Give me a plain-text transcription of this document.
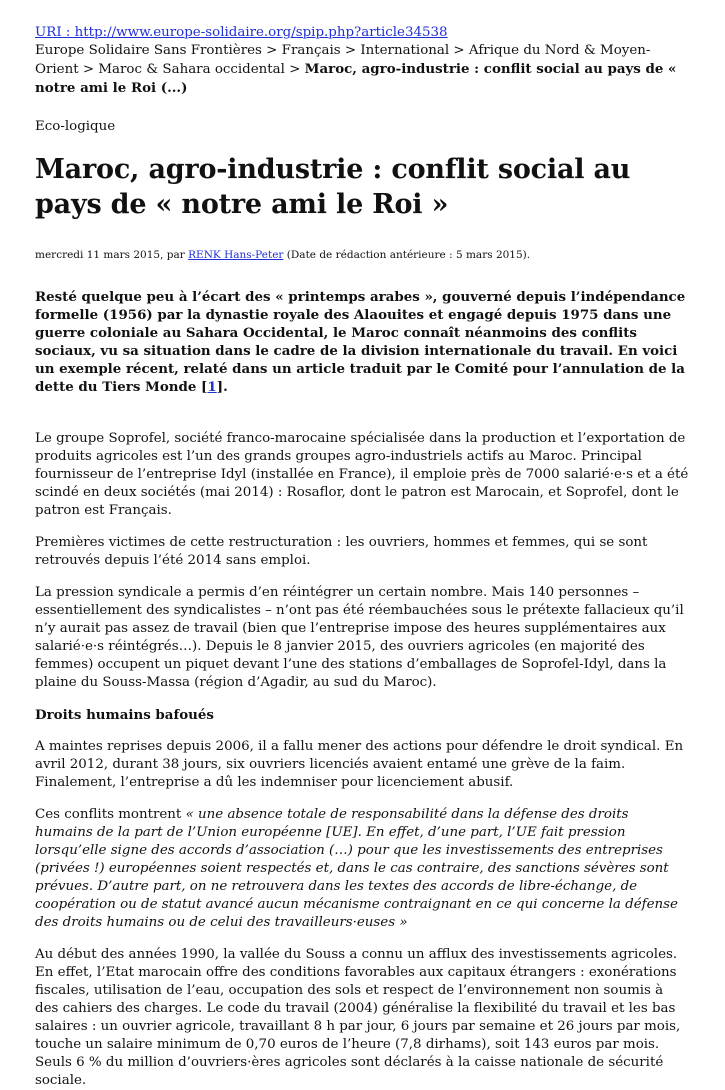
URI : http://www.europe-solidaire.org/spip.php?article34538
Europe Solidaire Sans Frontières > Français > International > Afrique du Nord & Moyen-Orient > Maroc & Sahara occidental > Maroc, agro-industrie : conflit social au pays de « notre ami le Roi (...)
Eco-logique
Maroc, agro-industrie : conflit social au pays de « notre ami le Roi »
mercredi 11 mars 2015, par RENK Hans-Peter (Date de rédaction antérieure : 5 mars 2015).
Resté quelque peu à l’écart des « printemps arabes », gouverné depuis l’indépendance formelle (1956) par la dynastie royale des Alaouites et engagé depuis 1975 dans une guerre coloniale au Sahara Occidental, le Maroc connaît néanmoins des conflits sociaux, vu sa situation dans le cadre de la division internationale du travail. En voici un exemple récent, relaté dans un article traduit par le Comité pour l’annulation de la dette du Tiers Monde [1].

Le groupe Soprofel, société franco-marocaine spécialisée dans la production et l’exportation de produits agricoles est l’un des grands groupes agro-industriels actifs au Maroc. Principal fournisseur de l’entreprise Idyl (installée en France), il emploie près de 7000 salarié·e·s et a été scindé en deux sociétés (mai 2014) : Rosaflor, dont le patron est Marocain, et Soprofel, dont le patron est Français.

Premières victimes de cette restructuration : les ouvriers, hommes et femmes, qui se sont retrouvés depuis l’été 2014 sans emploi.

La pression syndicale a permis d’en réintégrer un certain nombre. Mais 140 personnes – essentiellement des syndicalistes – n’ont pas été réembauchées sous le prétexte fallacieux qu’il n’y aurait pas assez de travail (bien que l’entreprise impose des heures supplémentaires aux salarié·e·s réintégrés…). Depuis le 8 janvier 2015, des ouvriers agricoles (en majorité des femmes) occupent un piquet devant l’une des stations d’emballages de Soprofel-Idyl, dans la plaine du Souss-Massa (région d’Agadir, au sud du Maroc).

Droits humains bafoués

A maintes reprises depuis 2006, il a fallu mener des actions pour défendre le droit syndical. En avril 2012, durant 38 jours, six ouvriers licenciés avaient entamé une grève de la faim. Finalement, l’entreprise a dû les indemniser pour licenciement abusif.

Ces conflits montrent « une absence totale de responsabilité dans la défense des droits humains de la part de l’Union européenne [UE]. En effet, d’une part, l’UE fait pression lorsqu’elle signe des accords d’association (…) pour que les investissements des entreprises (privées !) européennes soient respectés et, dans le cas contraire, des sanctions sévères sont prévues. D’autre part, on ne retrouvera dans les textes des accords de libre-échange, de coopération ou de statut avancé aucun mécanisme contraignant en ce qui concerne la défense des droits humains ou de celui des travailleurs·euses »

Au début des années 1990, la vallée du Souss a connu un afflux des investissements agricoles. En effet, l’Etat marocain offre des conditions favorables aux capitaux étrangers : exonérations fiscales, utilisation de l’eau, occupation des sols et respect de l’environnement non soumis à des cahiers des charges. Le code du travail (2004) généralise la flexibilité du travail et les bas salaires : un ouvrier agricole, travaillant 8 h par jour, 6 jours par semaine et 26 jours par mois, touche un salaire minimum de 0,70 euros de l’heure (7,8 dirhams), soit 143 euros par mois. Seuls 6 % du million d’ouvriers·ères agricoles sont déclarés à la caisse nationale de sécurité sociale.
